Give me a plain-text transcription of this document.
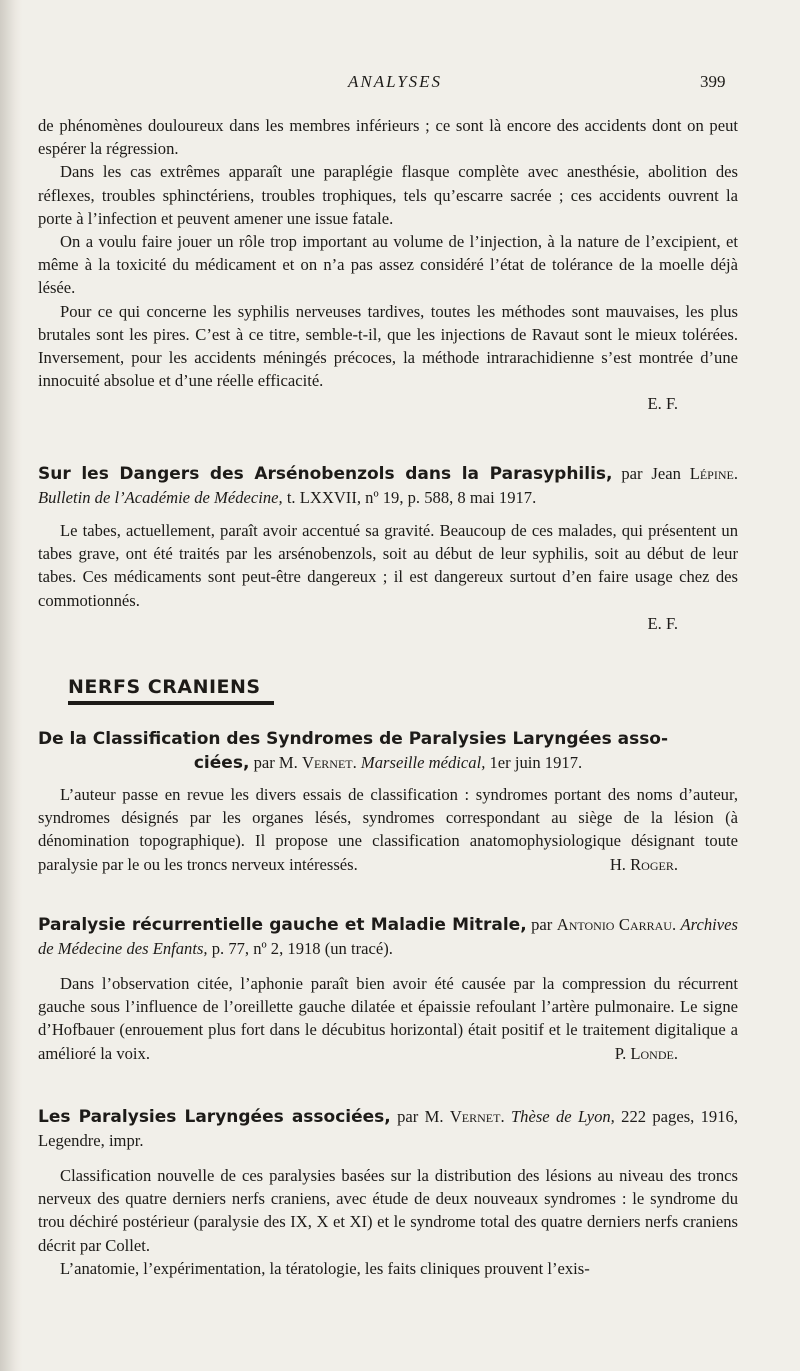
ANALYSES	399

de phénomènes douloureux dans les membres inférieurs ; ce sont là encore des accidents dont on peut espérer la régression.

Dans les cas extrêmes apparaît une paraplégie flasque complète avec anesthésie, abolition des réflexes, troubles sphinctériens, troubles trophiques, tels qu’escarre sacrée ; ces accidents ouvrent la porte à l’infection et peuvent amener une issue fatale.

On a voulu faire jouer un rôle trop important au volume de l’injection, à la nature de l’excipient, et même à la toxicité du médicament et on n’a pas assez considéré l’état de tolérance de la moelle déjà lésée.

Pour ce qui concerne les syphilis nerveuses tardives, toutes les méthodes sont mauvaises, les plus brutales sont les pires. C’est à ce titre, semble-t-il, que les injections de Ravaut sont le mieux tolérées. Inversement, pour les accidents méningés précoces, la méthode intrarachidienne s’est montrée d’une innocuité absolue et d’une réelle efficacité.

E. F.
Sur les Dangers des Arsénobenzols dans la Parasyphilis, par Jean Lépine. Bulletin de l’Académie de Médecine, t. LXXVII, nº 19, p. 588, 8 mai 1917.

Le tabes, actuellement, paraît avoir accentué sa gravité. Beaucoup de ces malades, qui présentent un tabes grave, ont été traités par les arsénobenzols, soit au début de leur syphilis, soit au début de leur tabes. Ces médicaments sont peut-être dangereux ; il est dangereux surtout d’en faire usage chez des commotionnés.

E. F.
NERFS CRANIENS
De la Classification des Syndromes de Paralysies Laryngées asso-
ciées, par M. Vernet. Marseille médical, 1er juin 1917.

L’auteur passe en revue les divers essais de classification : syndromes portant des noms d’auteur, syndromes désignés par les organes lésés, syndromes correspondant au siège de la lésion (à dénomination topographique). Il propose une classification anatomophysiologique désignant toute paralysie par le ou les troncs nerveux intéressés.	H. Roger.
Paralysie récurrentielle gauche et Maladie Mitrale, par Antonio Carrau. Archives de Médecine des Enfants, p. 77, nº 2, 1918 (un tracé).

Dans l’observation citée, l’aphonie paraît bien avoir été causée par la compression du récurrent gauche sous l’influence de l’oreillette gauche dilatée et épaissie refoulant l’artère pulmonaire. Le signe d’Hofbauer (enrouement plus fort dans le décubitus horizontal) était positif et le traitement digitalique a amélioré la voix.	P. Londe.
Les Paralysies Laryngées associées, par M. Vernet. Thèse de Lyon, 222 pages, 1916, Legendre, impr.

Classification nouvelle de ces paralysies basées sur la distribution des lésions au niveau des troncs nerveux des quatre derniers nerfs craniens, avec étude de deux nouveaux syndromes : le syndrome du trou déchiré postérieur (paralysie des IX, X et XI) et le syndrome total des quatre derniers nerfs craniens décrit par Collet.

L’anatomie, l’expérimentation, la tératologie, les faits cliniques prouvent l’exis-
